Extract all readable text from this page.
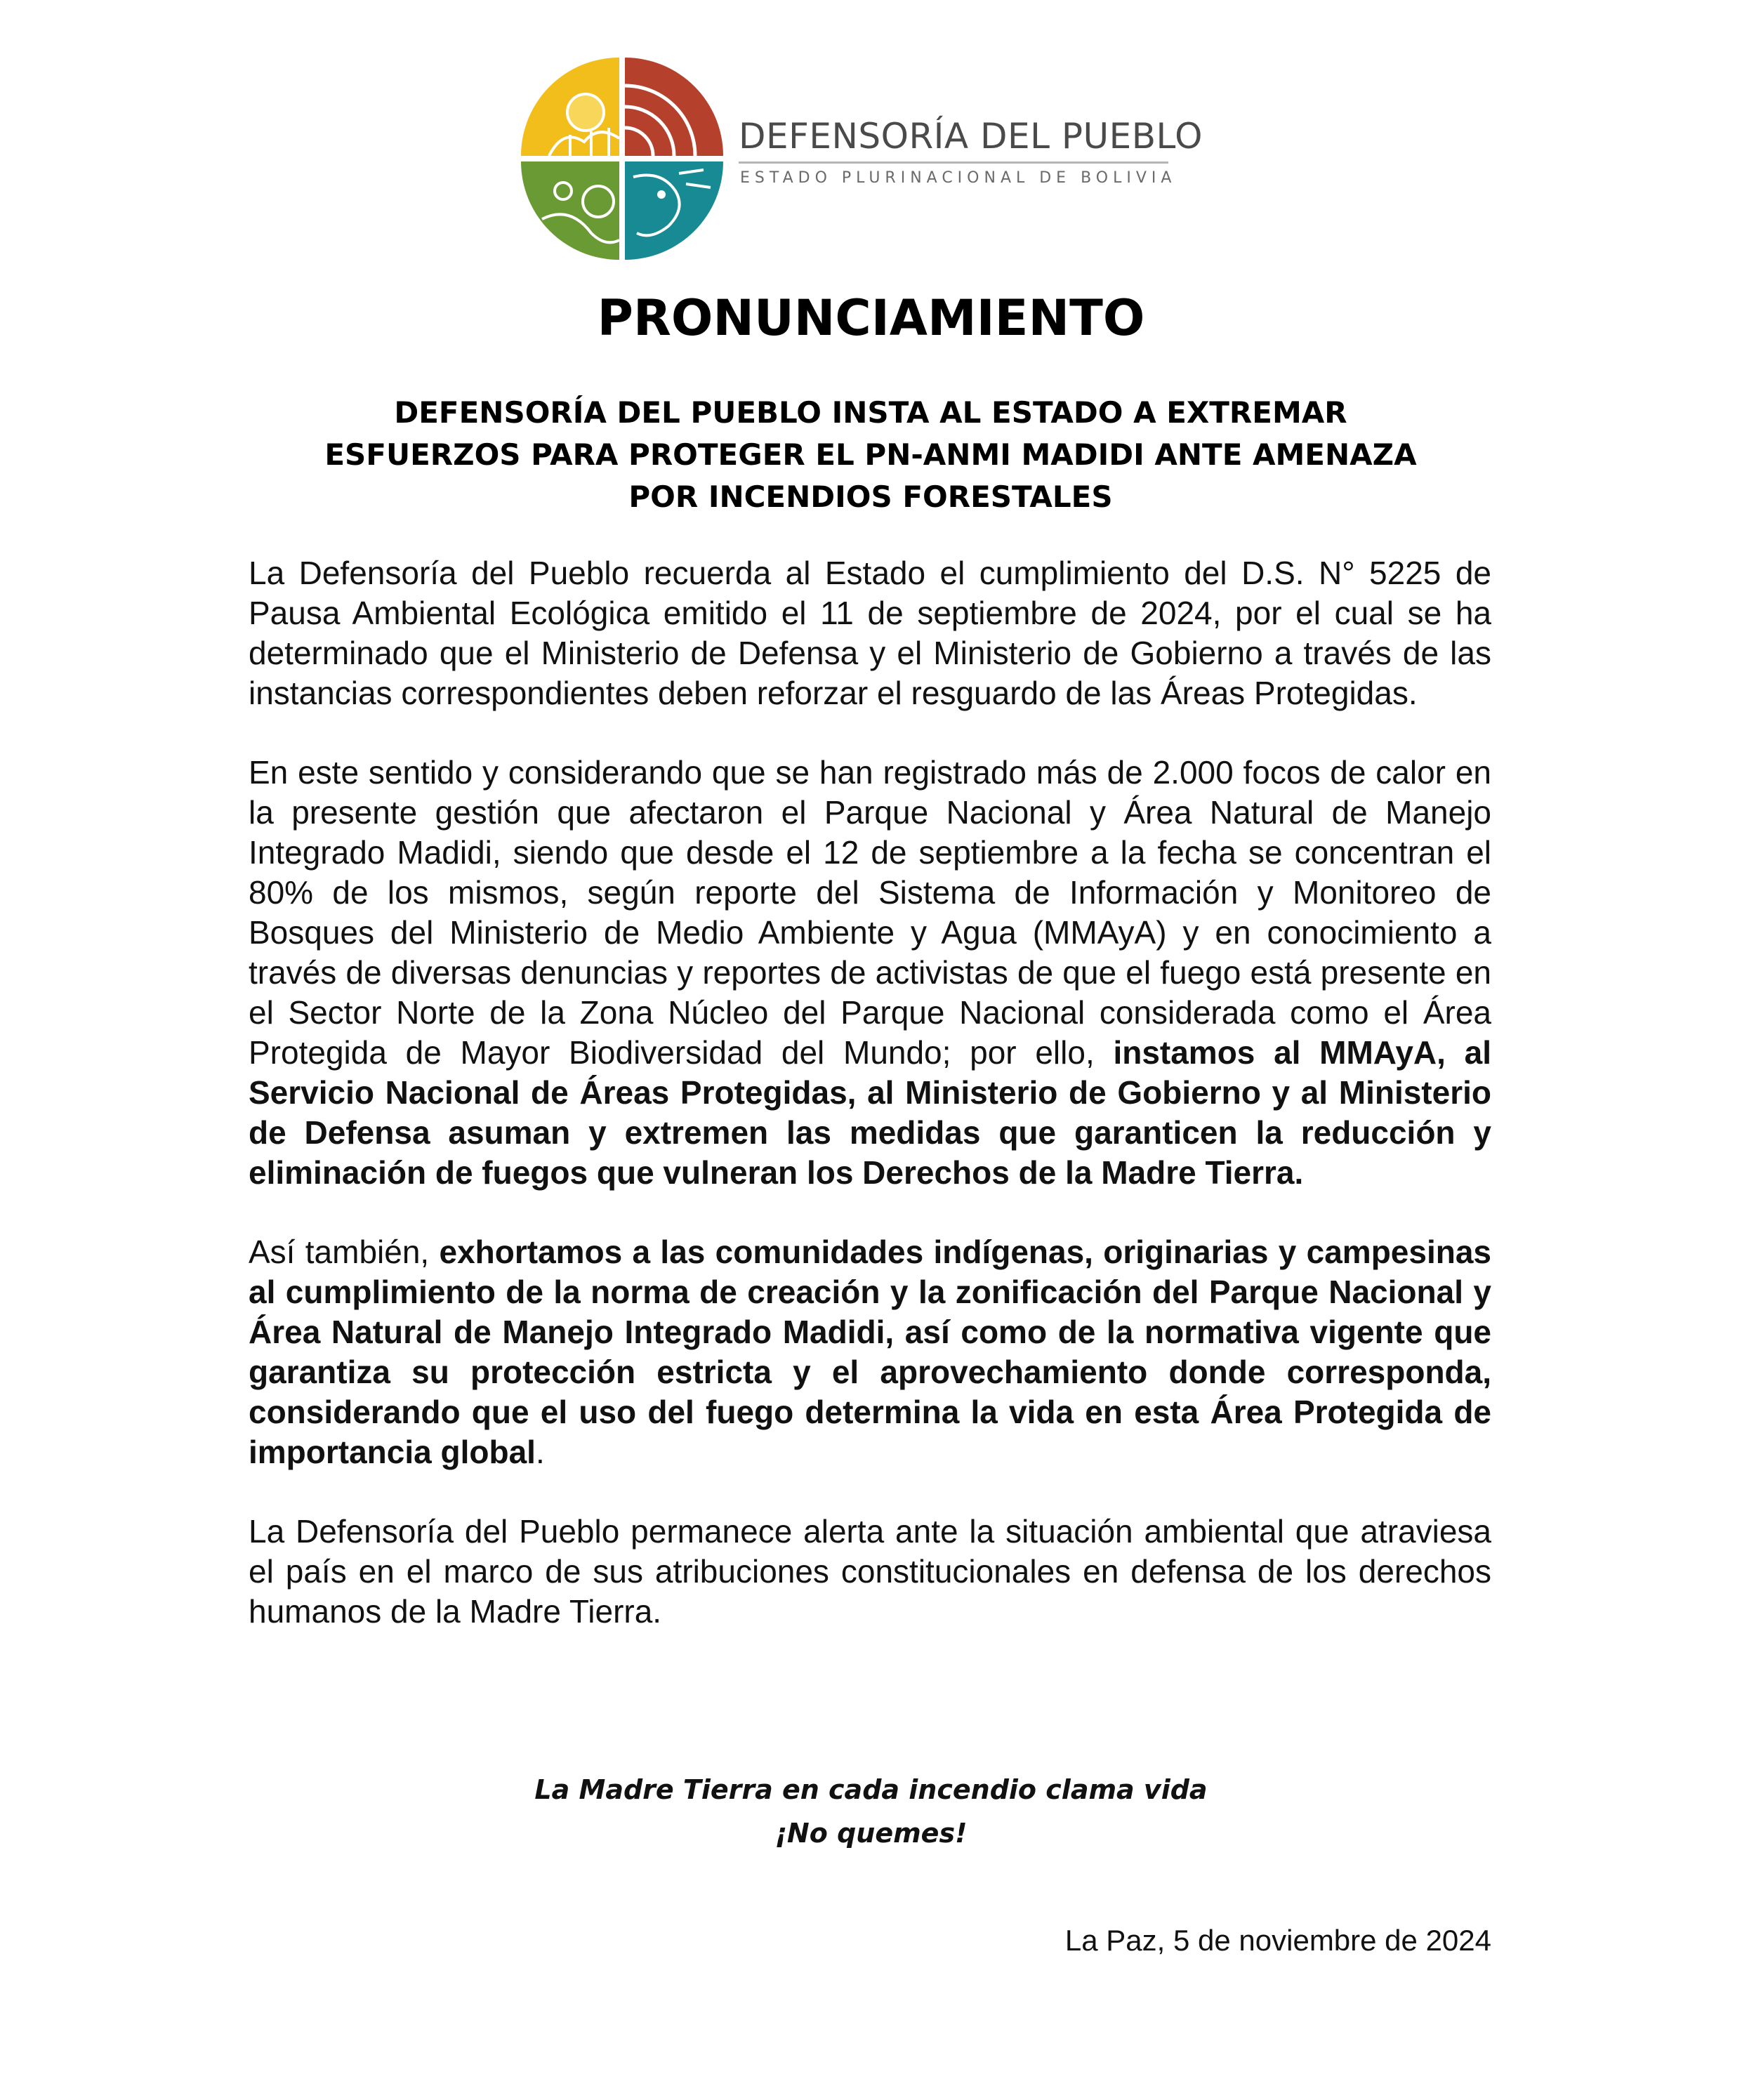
DEFENSORÍA DEL PUEBLO
ESTADO PLURINACIONAL DE BOLIVIA
PRONUNCIAMIENTO
DEFENSORÍA DEL PUEBLO INSTA AL ESTADO A EXTREMAR
ESFUERZOS PARA PROTEGER EL PN-ANMI MADIDI ANTE AMENAZA
POR INCENDIOS FORESTALES

La Defensoría del Pueblo recuerda al Estado el cumplimiento del D.S. N° 5225 de Pausa Ambiental Ecológica emitido el 11 de septiembre de 2024, por el cual se ha determinado que el Ministerio de Defensa y el Ministerio de Gobierno a través de las instancias correspondientes deben reforzar el resguardo de las Áreas Protegidas.

En este sentido y considerando que se han registrado más de 2.000 focos de calor en la presente gestión que afectaron el Parque Nacional y Área Natural de Manejo Integrado Madidi, siendo que desde el 12 de septiembre a la fecha se concentran el 80% de los mismos, según reporte del Sistema de Información y Monitoreo de Bosques del Ministerio de Medio Ambiente y Agua (MMAyA) y en conocimiento a través de diversas denuncias y reportes de activistas de que el fuego está presente en el Sector Norte de la Zona Núcleo del Parque Nacional considerada como el Área Protegida de Mayor Biodiversidad del Mundo; por ello, instamos al MMAyA, al Servicio Nacional de Áreas Protegidas, al Ministerio de Gobierno y al Ministerio de Defensa asuman y extremen las medidas que garanticen la reducción y eliminación de fuegos que vulneran los Derechos de la Madre Tierra.

Así también, exhortamos a las comunidades indígenas, originarias y campesinas al cumplimiento de la norma de creación y la zonificación del Parque Nacional y Área Natural de Manejo Integrado Madidi, así como de la normativa vigente que garantiza su protección estricta y el aprovechamiento donde corresponda, considerando que el uso del fuego determina la vida en esta Área Protegida de importancia global.

La Defensoría del Pueblo permanece alerta ante la situación ambiental que atraviesa el país en el marco de sus atribuciones constitucionales en defensa de los derechos humanos de la Madre Tierra.

La Madre Tierra en cada incendio clama vida
¡No quemes!
La Paz, 5 de noviembre de 2024
